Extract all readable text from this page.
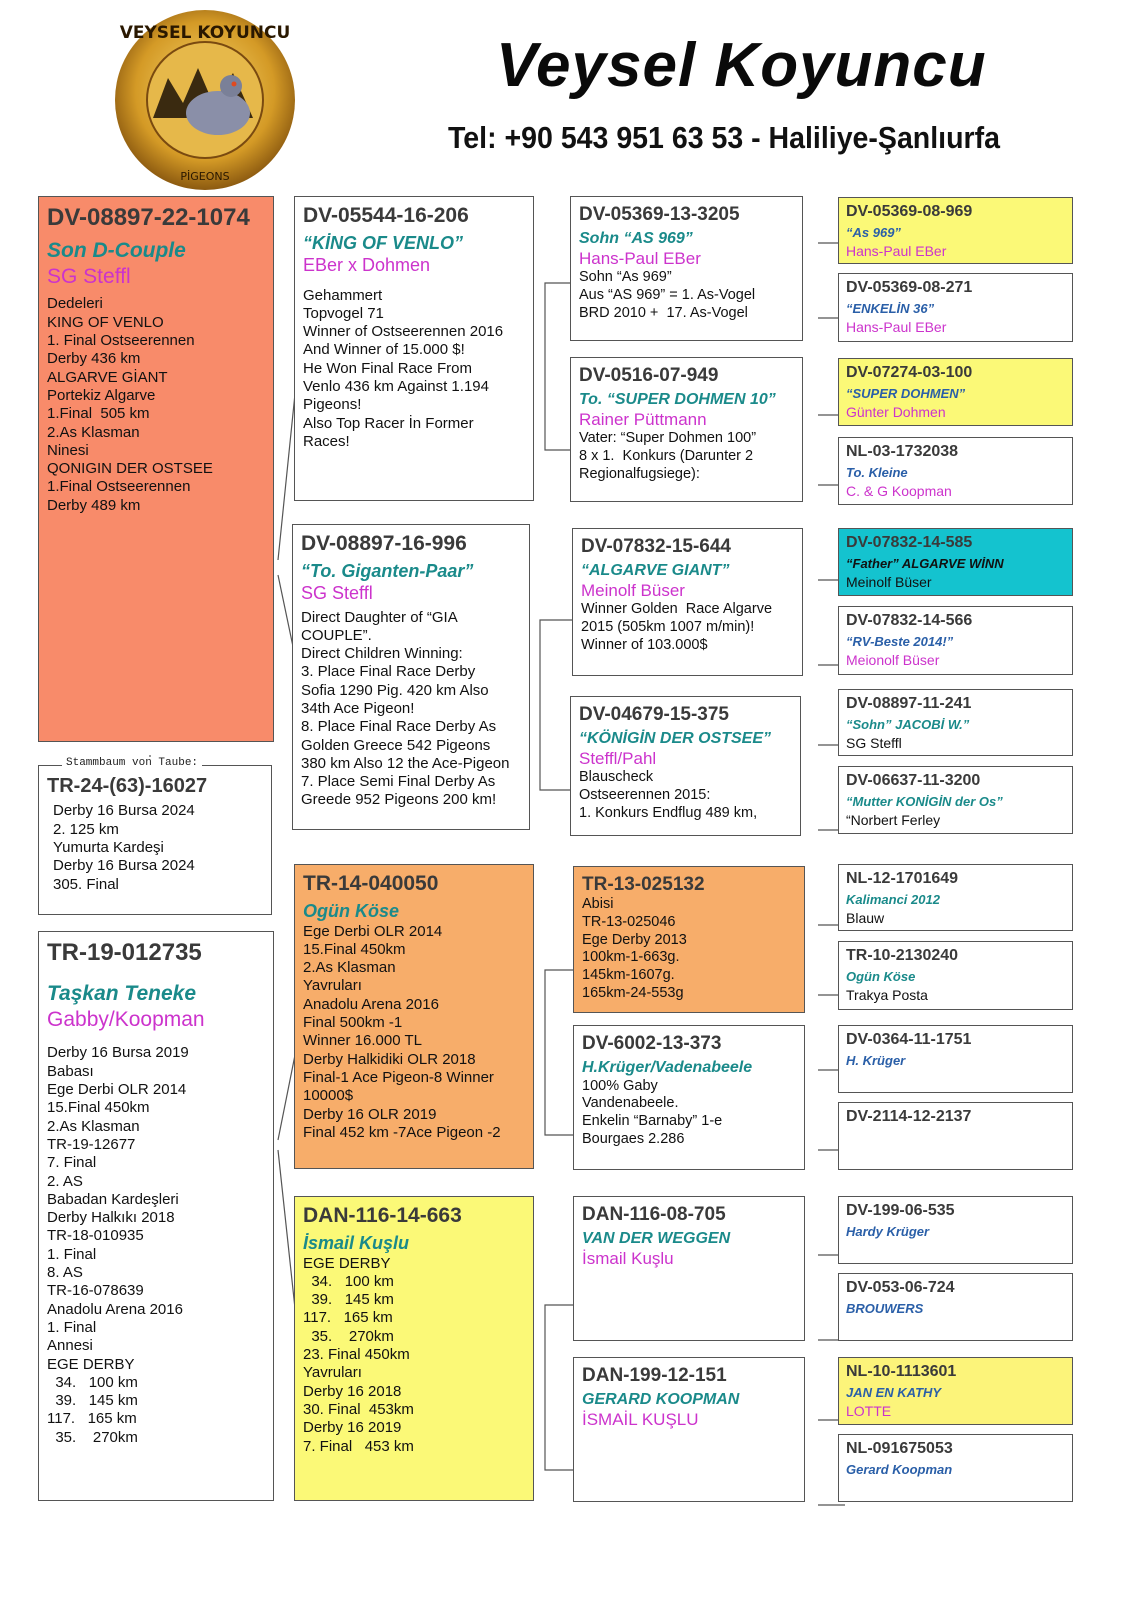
VEYSEL KOYUNCU
PİGEONS
Veysel Koyuncu
Tel: +90 543 951 63 53 - Haliliye-Şanlıurfa
DV-08897-22-1074
Son D-Couple
SG Steffl
Dedeleri
KING OF VENLO
1. Final Ostseerennen
Derby 436 km
ALGARVE GİANT
Portekiz Algarve
1.Final  505 km
2.As Klasman
Ninesi
QONIGIN DER OSTSEE
1.Final Ostseerennen
Derby 489 km
TR-24-(63)-16027
Derby 16 Bursa 2024
2. 125 km
Yumurta Kardeşi
Derby 16 Bursa 2024
305. Final
Stammbaum von Taube:
TR-19-012735
Taşkan Teneke
Gabby/Koopman
Derby 16 Bursa 2019
Babası
Ege Derbi OLR 2014
15.Final 450km
2.As Klasman
TR-19-12677
7. Final
2. AS
Babadan Kardeşleri
Derby Halkıkı 2018
TR-18-010935
1. Final
8. AS
TR-16-078639
Anadolu Arena 2016
1. Final
Annesi
EGE DERBY
34.   100 km
39.   145 km
117.   165 km
35.    270km
DV-05544-16-206
“KİNG OF VENLO”
EBer x Dohmen
Gehammert
Topvogel 71
Winner of Ostseerennen 2016
And Winner of 15.000 $!
He Won Final Race From
Venlo 436 km Against 1.194
Pigeons!
Also Top Racer İn Former
Races!
DV-08897-16-996
“To. Giganten-Paar”
SG Steffl
Direct Daughter of “GIA
COUPLE”.
Direct Children Winning:
3. Place Final Race Derby
Sofia 1290 Pig. 420 km Also
34th Ace Pigeon!
8. Place Final Race Derby As
Golden Greece 542 Pigeons
380 km Also 12 the Ace-Pigeon
7. Place Semi Final Derby As
Greede 952 Pigeons 200 km!
TR-14-040050
Ogün Köse
Ege Derbi OLR 2014
15.Final 450km
2.As Klasman
Yavruları
Anadolu Arena 2016
Final 500km -1
Winner 16.000 TL
Derby Halkidiki OLR 2018
Final-1 Ace Pigeon-8 Winner
10000$
Derby 16 OLR 2019
Final 452 km -7Ace Pigeon -2
DAN-116-14-663
İsmail Kuşlu
EGE DERBY
34.   100 km
39.   145 km
117.   165 km
35.    270km
23. Final 450km
Yavruları
Derby 16 2018
30. Final  453km
Derby 16 2019
7. Final   453 km
DV-05369-13-3205
Sohn “AS 969”
Hans-Paul EBer
Sohn “As 969”
Aus “AS 969” = 1. As-Vogel
BRD 2010 +  17. As-Vogel
DV-0516-07-949
To. “SUPER DOHMEN 10”
Rainer Püttmann
Vater: “Super Dohmen 100”
8 x 1.  Konkurs (Darunter 2
Regionalfugsiege):
DV-07832-15-644
“ALGARVE GIANT”
Meinolf Büser
Winner Golden  Race Algarve
2015 (505km 1007 m/min)!
Winner of 103.000$
DV-04679-15-375
“KÖNİGİN DER OSTSEE”
Steffl/Pahl
Blauscheck
Ostseerennen 2015:
1. Konkurs Endflug 489 km,
TR-13-025132
Abisi
TR-13-025046
Ege Derby 2013
100km-1-663g.
145km-1607g.
165km-24-553g
DV-6002-13-373
H.Krüger/Vadenabeele
100% Gaby
Vandenabeele.
Enkelin “Barnaby” 1-e
Bourgaes 2.286
DAN-116-08-705
VAN DER WEGGEN
İsmail Kuşlu
DAN-199-12-151
GERARD KOOPMAN
İSMAİL KUŞLU
DV-05369-08-969
“As 969”
Hans-Paul EBer
DV-05369-08-271
“ENKELİN 36”
Hans-Paul EBer
DV-07274-03-100
“SUPER DOHMEN”
Günter Dohmen
NL-03-1732038
To. Kleine
C. & G Koopman
DV-07832-14-585
“Father” ALGARVE WİNN
Meinolf Büser
DV-07832-14-566
“RV-Beste 2014!”
Meionolf Büser
DV-08897-11-241
“Sohn” JACOBİ W.”
SG Steffl
DV-06637-11-3200
“Mutter KONİGİN der Os”
“Norbert Ferley
NL-12-1701649
Kalimanci 2012
Blauw
TR-10-2130240
Ogün Köse
Trakya Posta
DV-0364-11-1751
H. Krüger
DV-2114-12-2137
DV-199-06-535
Hardy Krüger
DV-053-06-724
BROUWERS
NL-10-1113601
JAN EN KATHY
LOTTE
NL-091675053
Gerard Koopman
